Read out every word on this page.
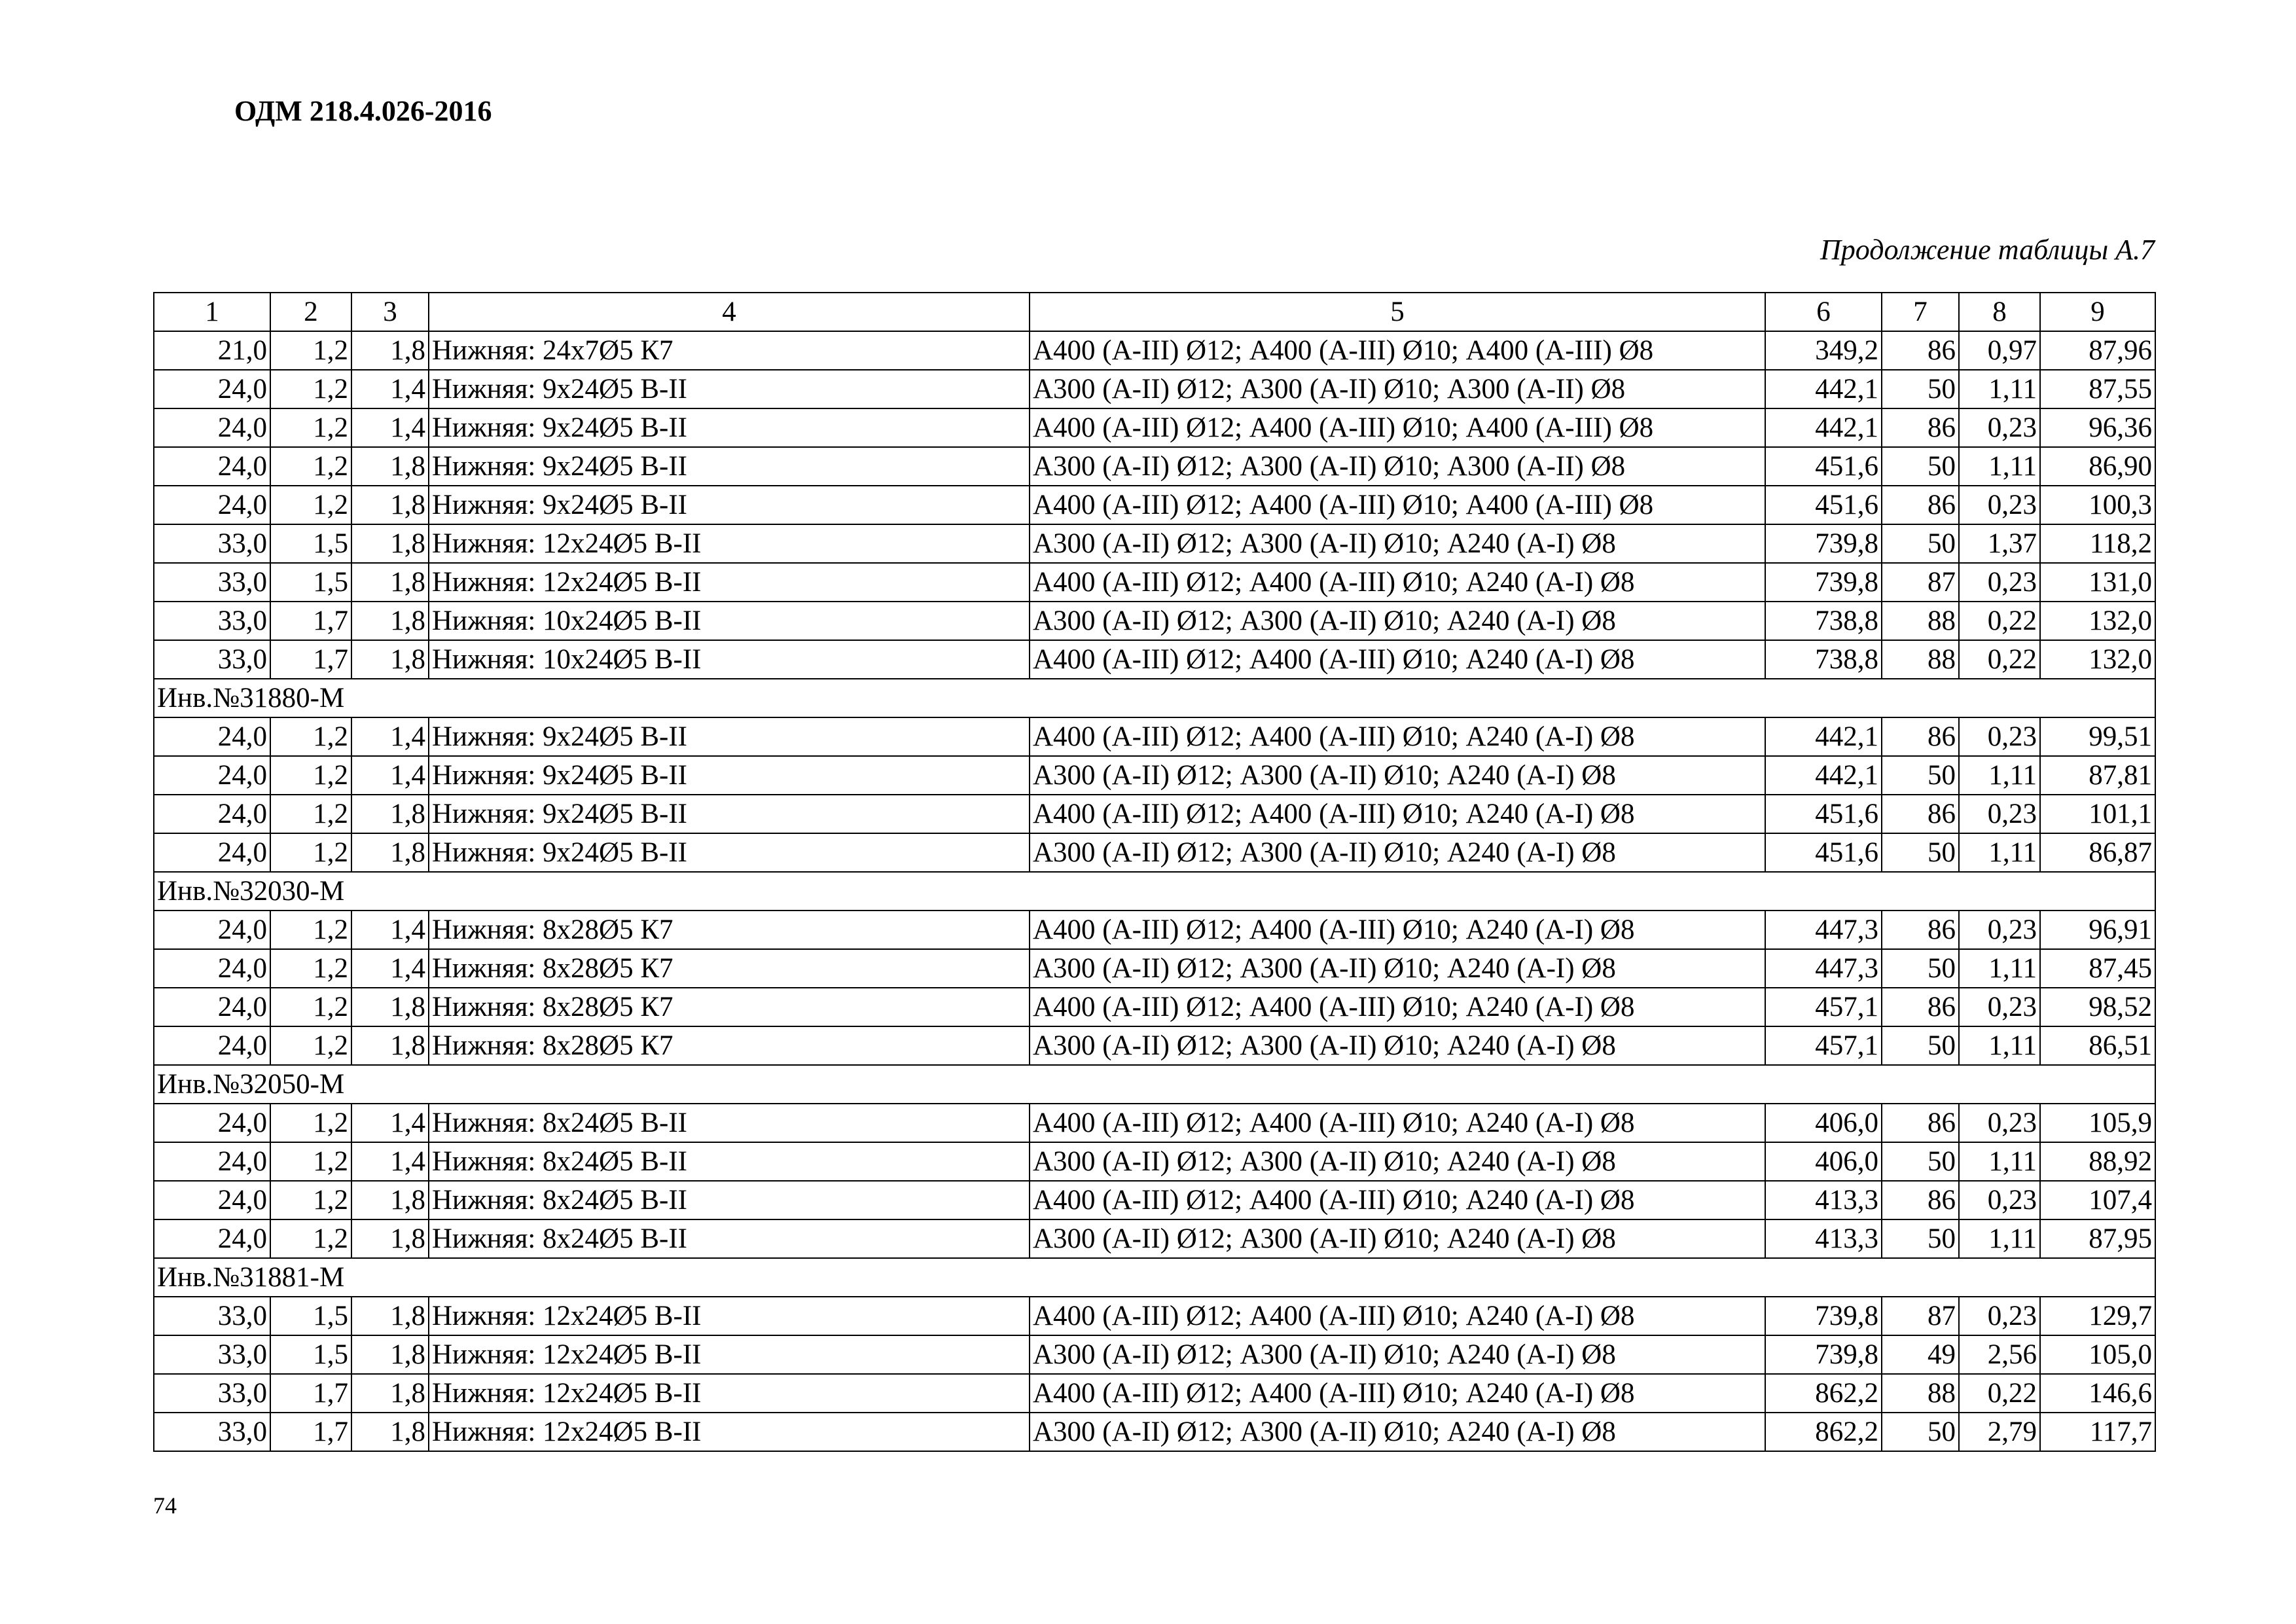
ОДМ 218.4.026-2016
Продолжение таблицы А.7
1	2	3	4	5	6	7	8	9
21,0	1,2	1,8	Нижняя: 24x7Ø5 К7	А400 (А-III) Ø12; А400 (А-III) Ø10; А400 (А-III) Ø8	349,2	86	0,97	87,96
24,0	1,2	1,4	Нижняя: 9x24Ø5 В-II	А300 (А-II) Ø12; А300 (А-II) Ø10; А300 (А-II) Ø8	442,1	50	1,11	87,55
24,0	1,2	1,4	Нижняя: 9x24Ø5 В-II	А400 (А-III) Ø12; А400 (А-III) Ø10; А400 (А-III) Ø8	442,1	86	0,23	96,36
24,0	1,2	1,8	Нижняя: 9x24Ø5 В-II	А300 (А-II) Ø12; А300 (А-II) Ø10; А300 (А-II) Ø8	451,6	50	1,11	86,90
24,0	1,2	1,8	Нижняя: 9x24Ø5 В-II	А400 (А-III) Ø12; А400 (А-III) Ø10; А400 (А-III) Ø8	451,6	86	0,23	100,3
33,0	1,5	1,8	Нижняя: 12x24Ø5 В-II	А300 (А-II) Ø12; А300 (А-II) Ø10; А240 (А-I) Ø8	739,8	50	1,37	118,2
33,0	1,5	1,8	Нижняя: 12x24Ø5 В-II	А400 (А-III) Ø12; А400 (А-III) Ø10; А240 (А-I) Ø8	739,8	87	0,23	131,0
33,0	1,7	1,8	Нижняя: 10x24Ø5 В-II	А300 (А-II) Ø12; А300 (А-II) Ø10; А240 (А-I) Ø8	738,8	88	0,22	132,0
33,0	1,7	1,8	Нижняя: 10x24Ø5 В-II	А400 (А-III) Ø12; А400 (А-III) Ø10; А240 (А-I) Ø8	738,8	88	0,22	132,0
Инв.№31880-М								
24,0	1,2	1,4	Нижняя: 9x24Ø5 В-II	А400 (А-III) Ø12; А400 (А-III) Ø10; А240 (А-I) Ø8	442,1	86	0,23	99,51
24,0	1,2	1,4	Нижняя: 9x24Ø5 В-II	А300 (А-II) Ø12; А300 (А-II) Ø10; А240 (А-I) Ø8	442,1	50	1,11	87,81
24,0	1,2	1,8	Нижняя: 9x24Ø5 В-II	А400 (А-III) Ø12; А400 (А-III) Ø10; А240 (А-I) Ø8	451,6	86	0,23	101,1
24,0	1,2	1,8	Нижняя: 9x24Ø5 В-II	А300 (А-II) Ø12; А300 (А-II) Ø10; А240 (А-I) Ø8	451,6	50	1,11	86,87
Инв.№32030-М								
24,0	1,2	1,4	Нижняя: 8x28Ø5 К7	А400 (А-III) Ø12; А400 (А-III) Ø10; А240 (А-I) Ø8	447,3	86	0,23	96,91
24,0	1,2	1,4	Нижняя: 8x28Ø5 К7	А300 (А-II) Ø12; А300 (А-II) Ø10; А240 (А-I) Ø8	447,3	50	1,11	87,45
24,0	1,2	1,8	Нижняя: 8x28Ø5 К7	А400 (А-III) Ø12; А400 (А-III) Ø10; А240 (А-I) Ø8	457,1	86	0,23	98,52
24,0	1,2	1,8	Нижняя: 8x28Ø5 К7	А300 (А-II) Ø12; А300 (А-II) Ø10; А240 (А-I) Ø8	457,1	50	1,11	86,51
Инв.№32050-М								
24,0	1,2	1,4	Нижняя: 8x24Ø5 В-II	А400 (А-III) Ø12; А400 (А-III) Ø10; А240 (А-I) Ø8	406,0	86	0,23	105,9
24,0	1,2	1,4	Нижняя: 8x24Ø5 В-II	А300 (А-II) Ø12; А300 (А-II) Ø10; А240 (А-I) Ø8	406,0	50	1,11	88,92
24,0	1,2	1,8	Нижняя: 8x24Ø5 В-II	А400 (А-III) Ø12; А400 (А-III) Ø10; А240 (А-I) Ø8	413,3	86	0,23	107,4
24,0	1,2	1,8	Нижняя: 8x24Ø5 В-II	А300 (А-II) Ø12; А300 (А-II) Ø10; А240 (А-I) Ø8	413,3	50	1,11	87,95
Инв.№31881-М								
33,0	1,5	1,8	Нижняя: 12x24Ø5 В-II	А400 (А-III) Ø12; А400 (А-III) Ø10; А240 (А-I) Ø8	739,8	87	0,23	129,7
33,0	1,5	1,8	Нижняя: 12x24Ø5 В-II	А300 (А-II) Ø12; А300 (А-II) Ø10; А240 (А-I) Ø8	739,8	49	2,56	105,0
33,0	1,7	1,8	Нижняя: 12x24Ø5 В-II	А400 (А-III) Ø12; А400 (А-III) Ø10; А240 (А-I) Ø8	862,2	88	0,22	146,6
33,0	1,7	1,8	Нижняя: 12x24Ø5 В-II	А300 (А-II) Ø12; А300 (А-II) Ø10; А240 (А-I) Ø8	862,2	50	2,79	117,7
74
